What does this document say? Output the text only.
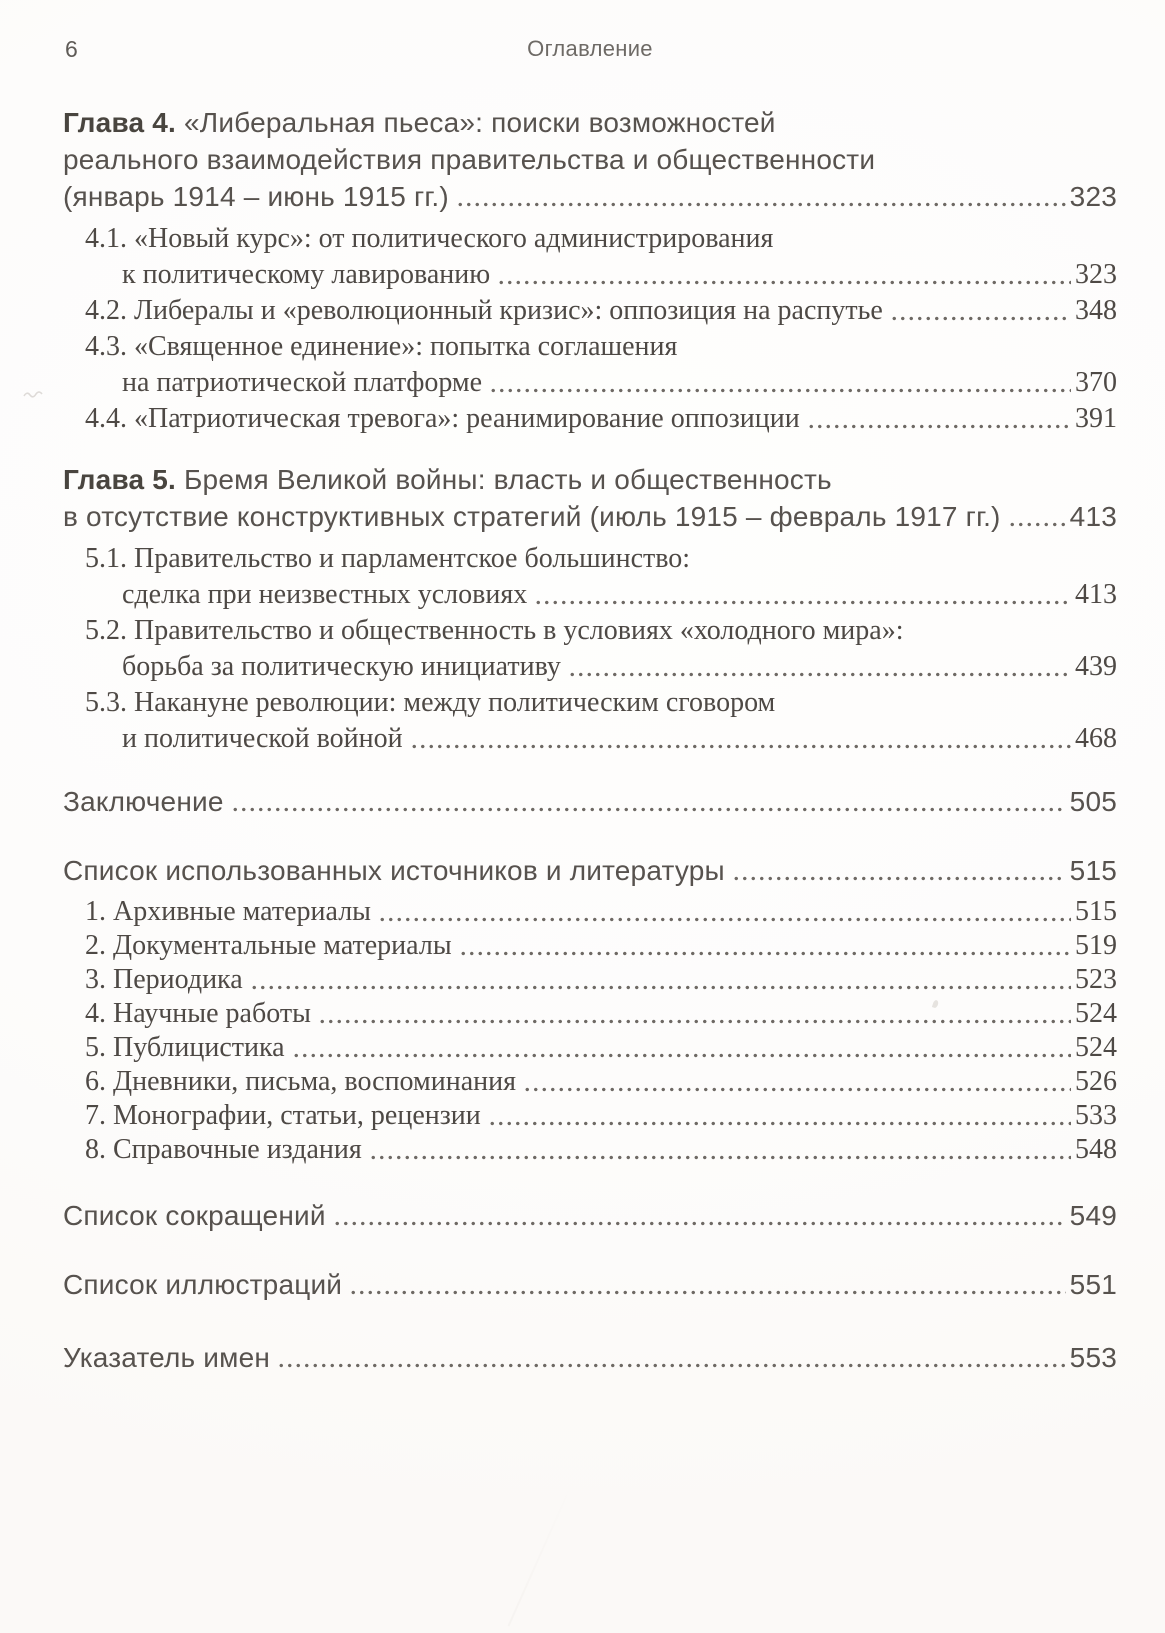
6	Оглавление
Глава 4. «Либеральная пьеса»: поиски возможностей
реального взаимодействия правительства и общественности
(январь 1914 – июнь 1915 гг.)	323
4.1. «Новый курс»: от политического администрирования
к политическому лавированию	323
4.2. Либералы и «революционный кризис»: оппозиция на распутье	348
4.3. «Священное единение»: попытка соглашения
на патриотической платформе	370
4.4. «Патриотическая тревога»: реанимирование оппозиции	391
Глава 5. Бремя Великой войны: власть и общественность
в отсутствие конструктивных стратегий (июль 1915 – февраль 1917 гг.) 413
5.1. Правительство и парламентское большинство:
сделка при неизвестных условиях	413
5.2. Правительство и общественность в условиях «холодного мира»:
борьба за политическую инициативу	439
5.3. Накануне революции: между политическим сговором
и политической войной	468
Заключение	505
Список использованных источников и литературы	515
1. Архивные материалы	515
2. Документальные материалы	519
3. Периодика	523
4. Научные работы	524
5. Публицистика	524
6. Дневники, письма, воспоминания	526
7. Монографии, статьи, рецензии	533
8. Справочные издания	548
Список сокращений	549
Список иллюстраций	551
Указатель имен	553
